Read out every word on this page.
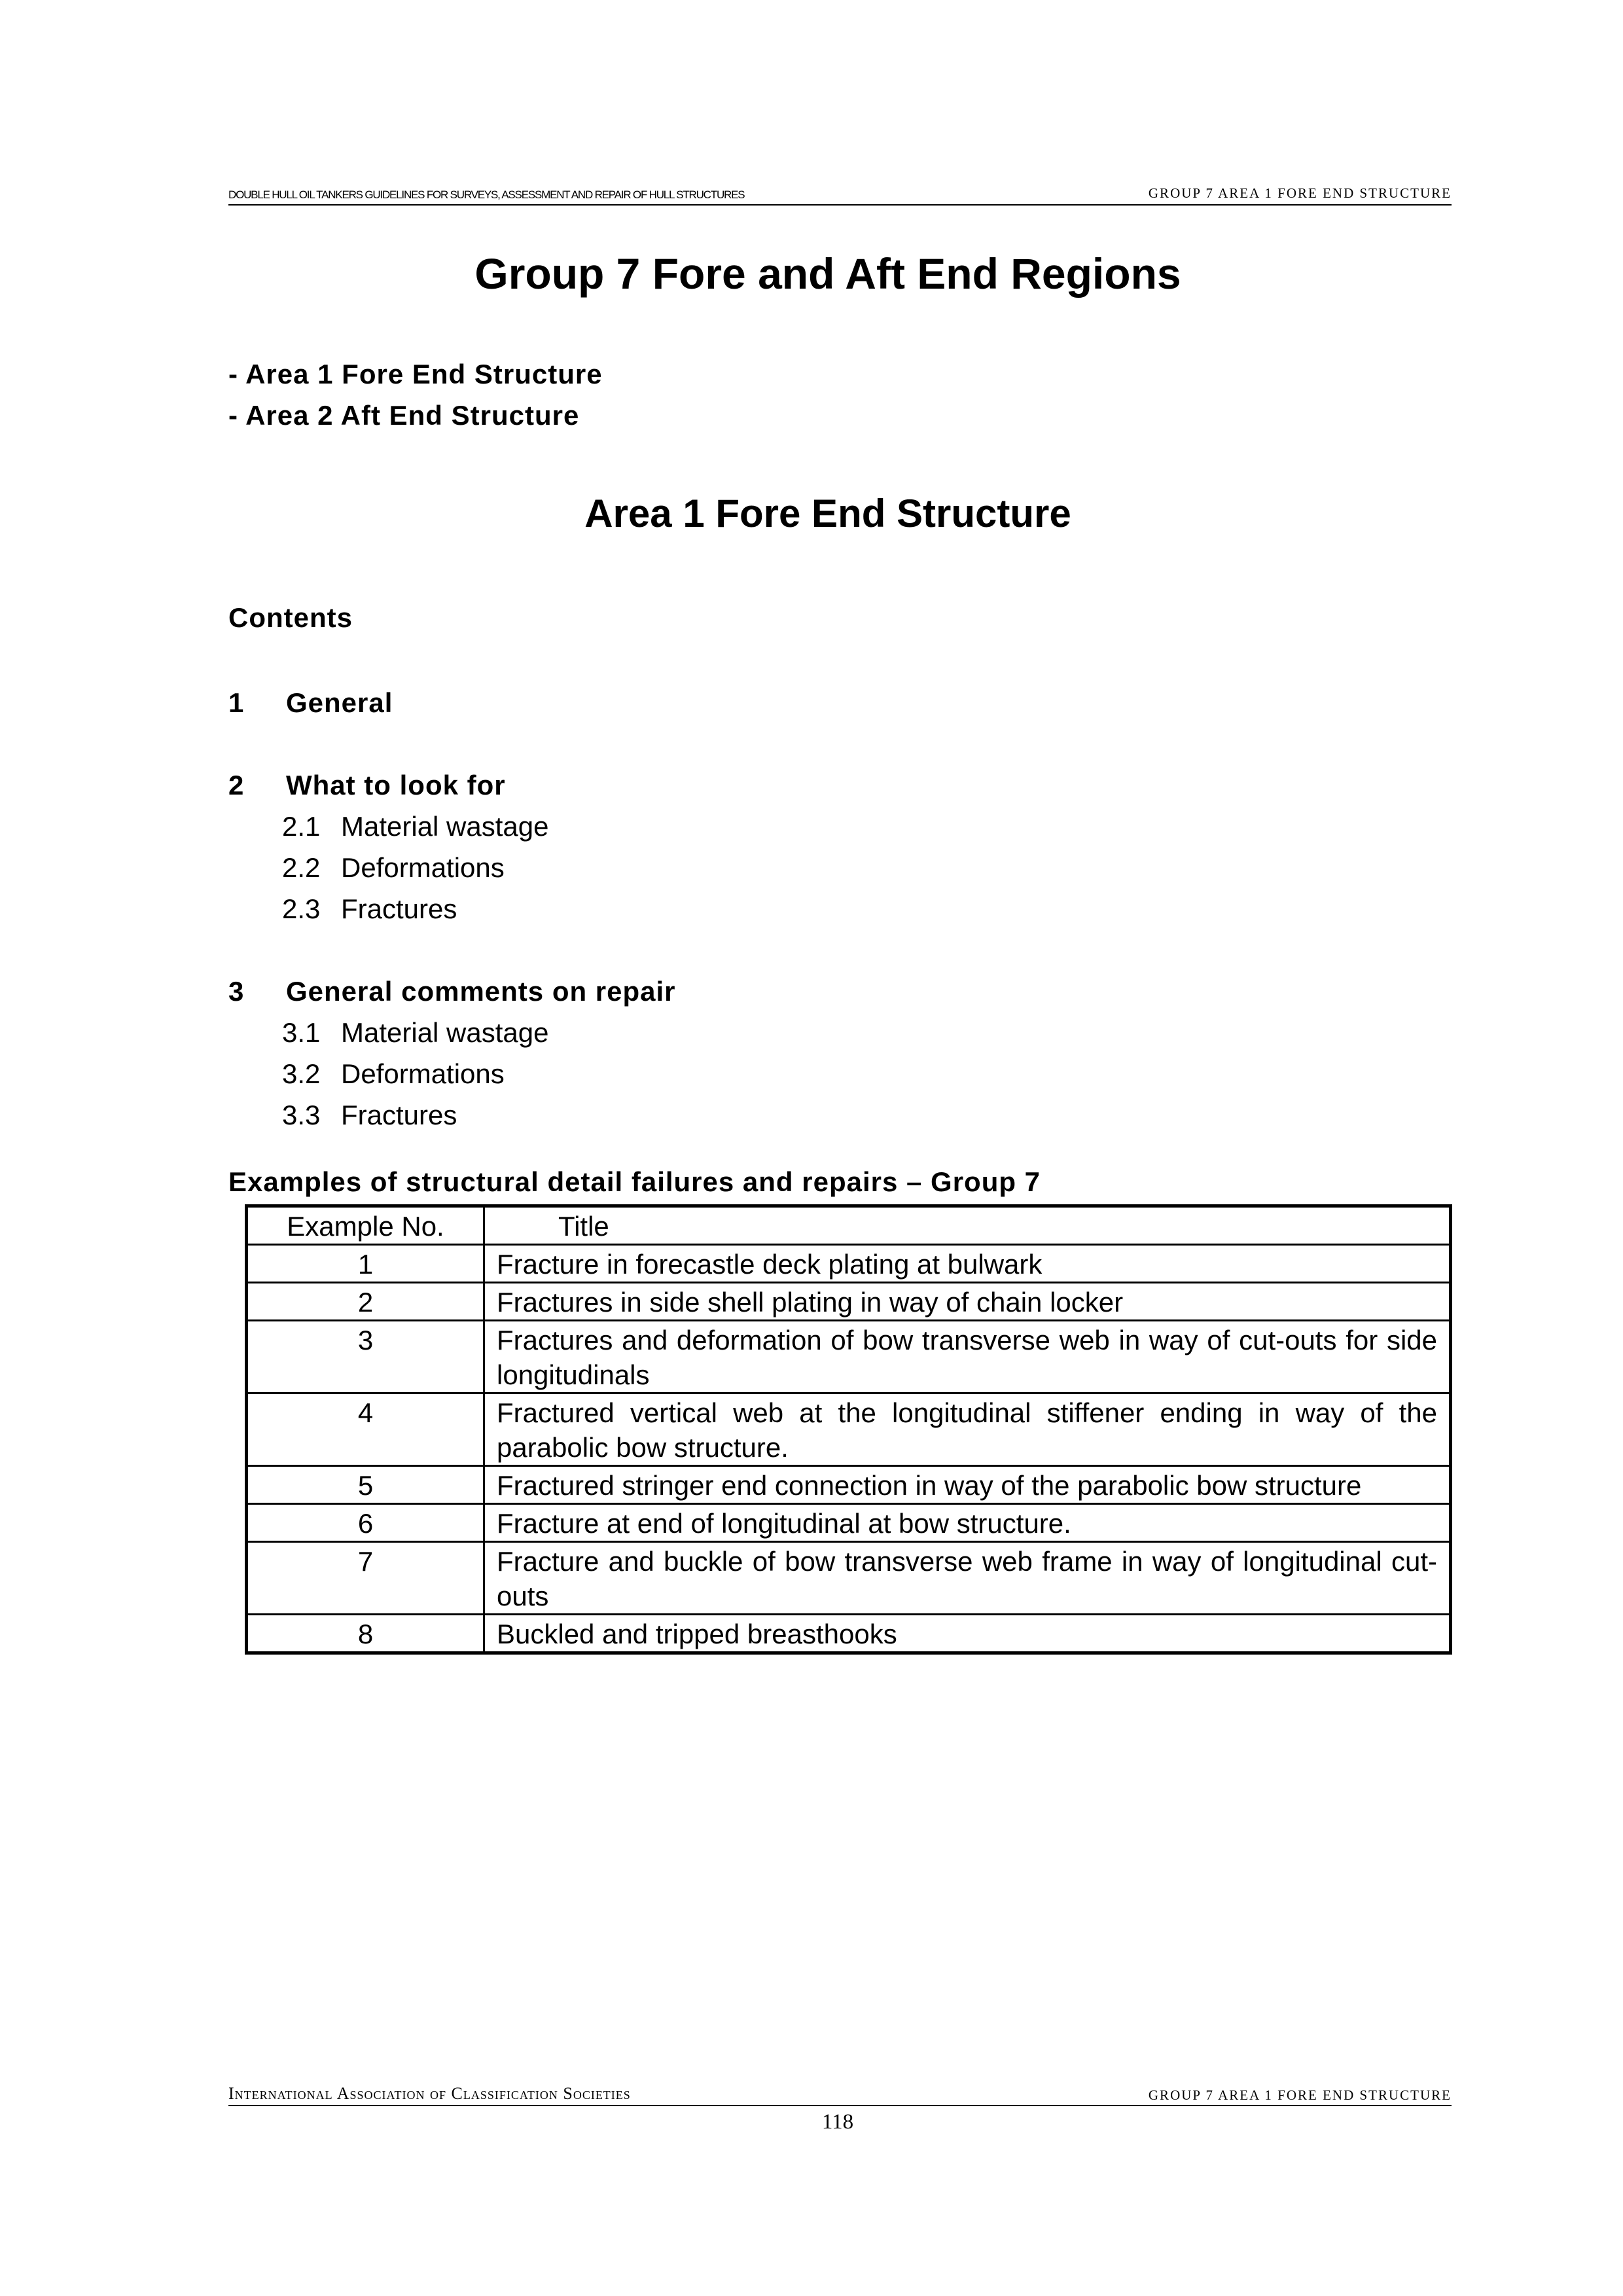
DOUBLE HULL OIL TANKERS GUIDELINES FOR SURVEYS, ASSESSMENT AND REPAIR OF HULL STRUCTURES	GROUP 7 AREA 1 FORE END STRUCTURE
Group 7 Fore and Aft End Regions
- Area 1 Fore End Structure
- Area 2 Aft End Structure
Area 1 Fore End Structure
Contents
1 General
2 What to look for
2.1 Material wastage
2.2 Deformations
2.3 Fractures
3 General comments on repair
3.1 Material wastage
3.2 Deformations
3.3 Fractures
Examples of structural detail failures and repairs – Group 7
Example No.	Title
1	Fracture in forecastle deck plating at bulwark
2	Fractures in side shell plating in way of chain locker
3	Fractures and deformation of bow transverse web in way of cut-outs for side longitudinals
4	Fractured vertical web at the longitudinal stiffener ending in way of the parabolic bow structure.
5	Fractured stringer end connection in way of the parabolic bow structure
6	Fracture at end of longitudinal at bow structure.
7	Fracture and buckle of bow transverse web frame in way of longitudinal cut-outs
8	Buckled and tripped breasthooks
International Association of Classification Societies	GROUP 7 AREA 1 FORE END STRUCTURE
118
